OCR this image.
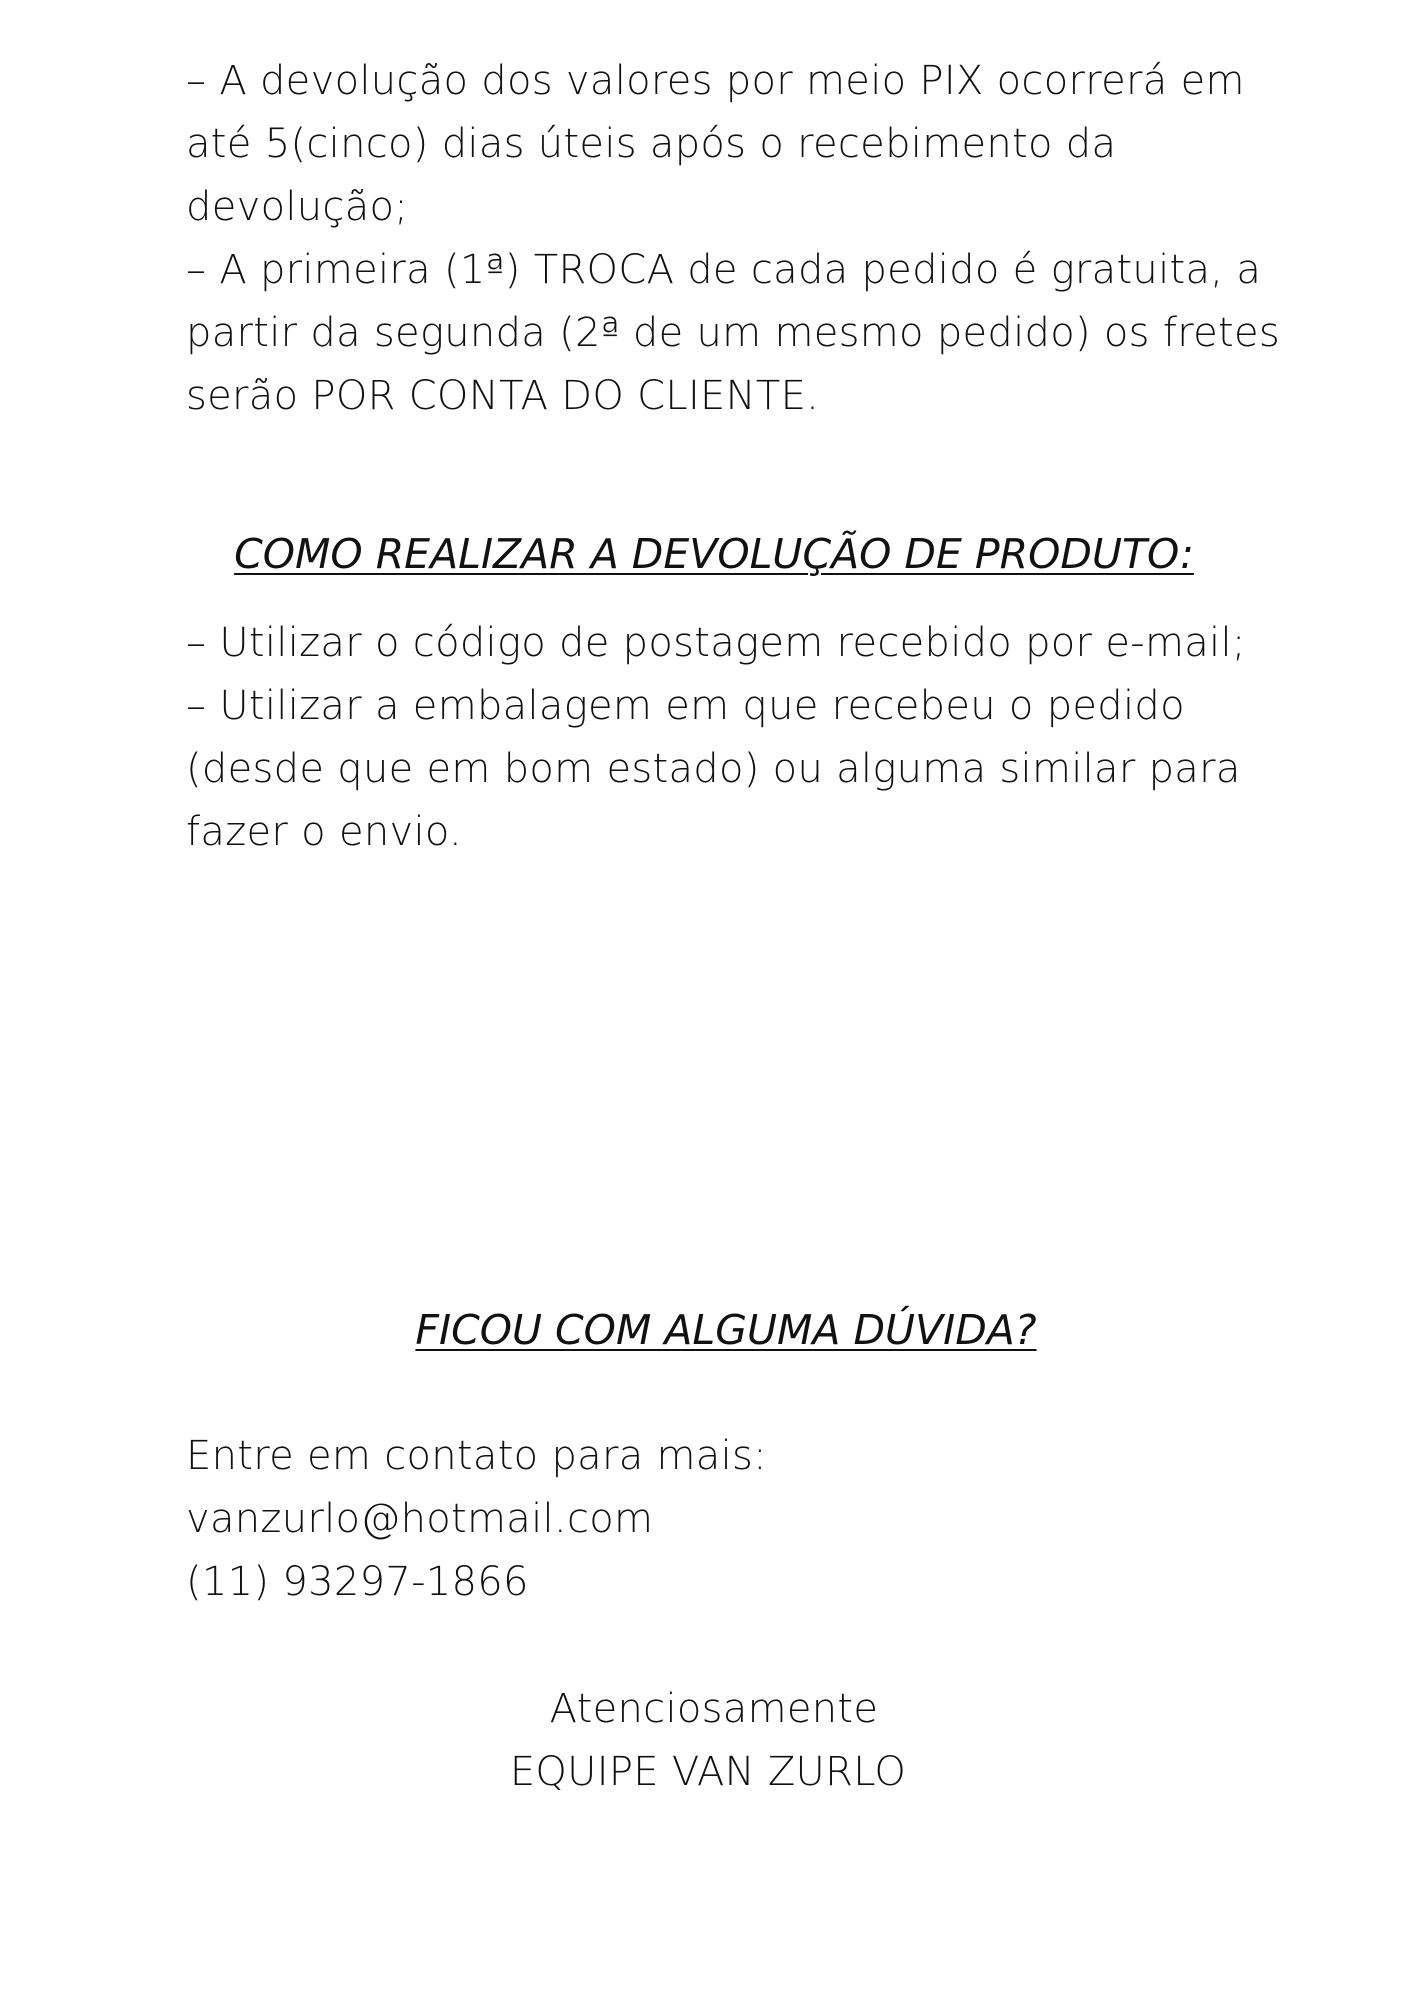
– A devolução dos valores por meio PIX ocorrerá em
até 5(cinco) dias úteis após o recebimento da
devolução;
– A primeira (1ª) TROCA de cada pedido é gratuita, a
partir da segunda (2ª de um mesmo pedido) os fretes
serão POR CONTA DO CLIENTE.
COMO REALIZAR A DEVOLUÇÃO DE PRODUTO:
– Utilizar o código de postagem recebido por e-mail;
– Utilizar a embalagem em que recebeu o pedido
(desde que em bom estado) ou alguma similar para
fazer o envio.
FICOU COM ALGUMA DÚVIDA?
Entre em contato para mais:
vanzurlo@hotmail.com
(11) 93297-1866
Atenciosamente
EQUIPE VAN ZURLO
